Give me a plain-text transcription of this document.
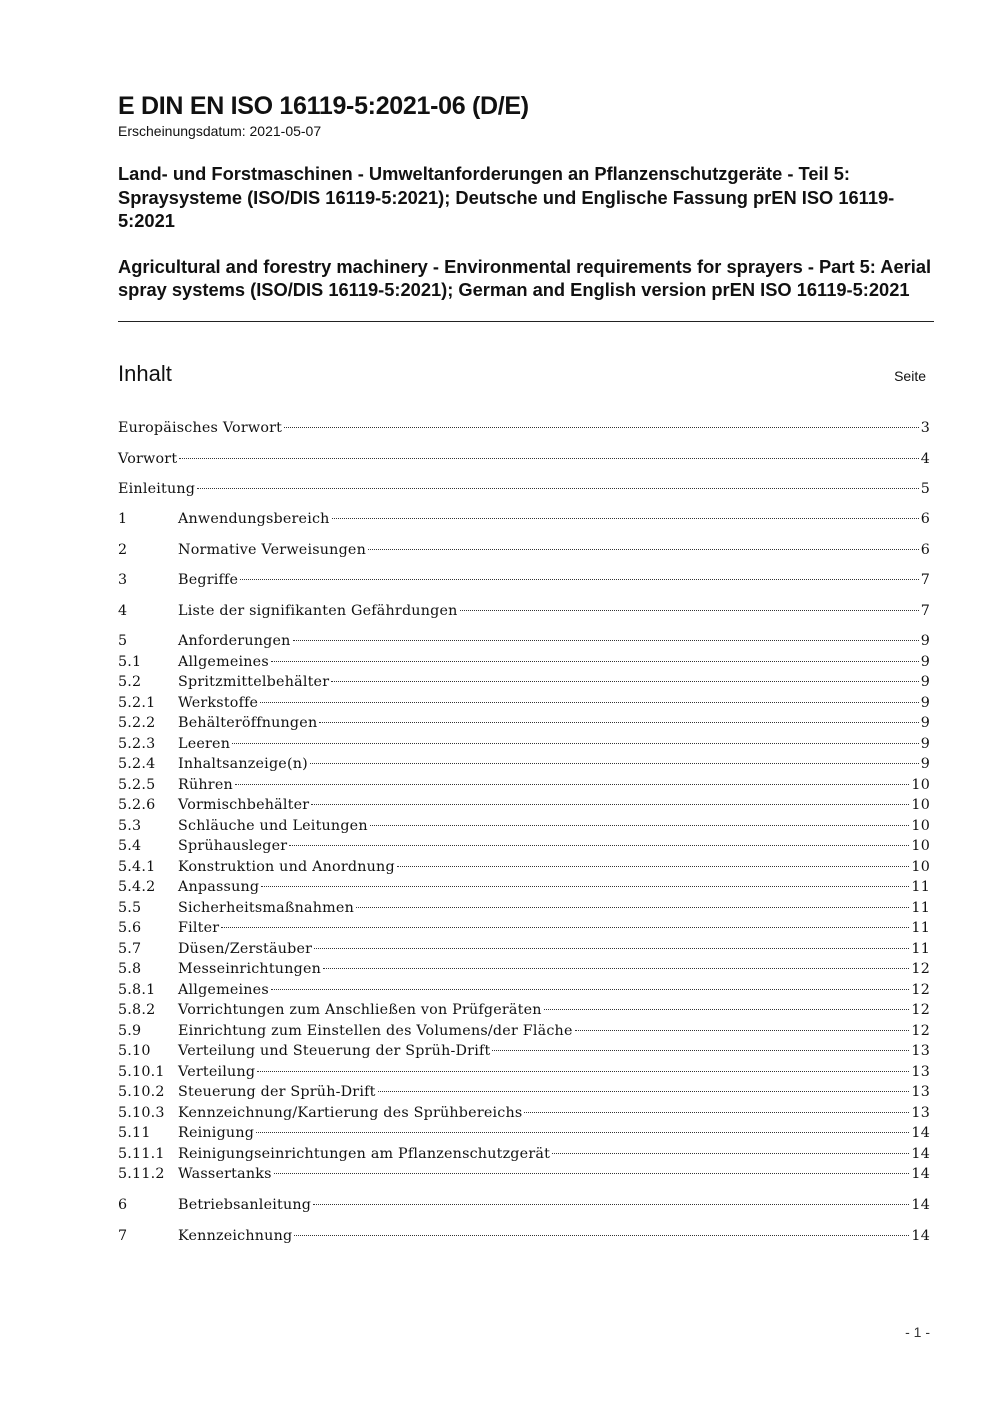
E DIN EN ISO 16119-5:2021-06 (D/E)
Erscheinungsdatum: 2021-05-07
Land- und Forstmaschinen - Umweltanforderungen an Pflanzenschutzgeräte - Teil 5: Spraysysteme (ISO/DIS 16119-5:2021); Deutsche und Englische Fassung prEN ISO 16119-5:2021
Agricultural and forestry machinery - Environmental requirements for sprayers - Part 5: Aerial spray systems (ISO/DIS 16119-5:2021); German and English version prEN ISO 16119-5:2021
Inhalt	Seite
Europäisches Vorwort	3
Vorwort	4
Einleitung	5
1	Anwendungsbereich	6
2	Normative Verweisungen	6
3	Begriffe	7
4	Liste der signifikanten Gefährdungen	7
5	Anforderungen	9
5.1	Allgemeines	9
5.2	Spritzmittelbehälter	9
5.2.1	Werkstoffe	9
5.2.2	Behälteröffnungen	9
5.2.3	Leeren	9
5.2.4	Inhaltsanzeige(n)	9
5.2.5	Rühren	10
5.2.6	Vormischbehälter	10
5.3	Schläuche und Leitungen	10
5.4	Sprühausleger	10
5.4.1	Konstruktion und Anordnung	10
5.4.2	Anpassung	11
5.5	Sicherheitsmaßnahmen	11
5.6	Filter	11
5.7	Düsen/Zerstäuber	11
5.8	Messeinrichtungen	12
5.8.1	Allgemeines	12
5.8.2	Vorrichtungen zum Anschließen von Prüfgeräten	12
5.9	Einrichtung zum Einstellen des Volumens/der Fläche	12
5.10	Verteilung und Steuerung der Sprüh-Drift	13
5.10.1 Verteilung	13
5.10.2 Steuerung der Sprüh-Drift	13
5.10.3 Kennzeichnung/Kartierung des Sprühbereichs	13
5.11	Reinigung	14
5.11.1 Reinigungseinrichtungen am Pflanzenschutzgerät	14
5.11.2 Wassertanks	14
6	Betriebsanleitung	14
7	Kennzeichnung	14
- 1 -
